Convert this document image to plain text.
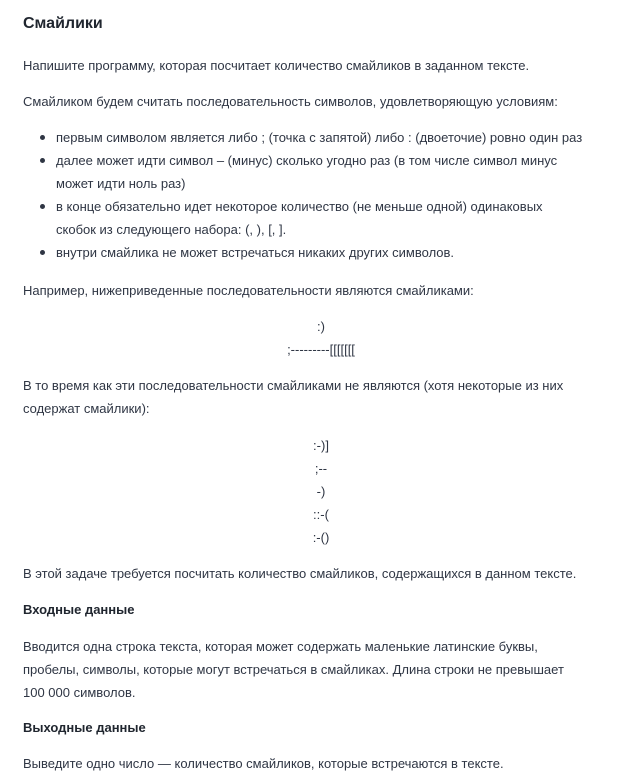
Смайлики

Напишите программу, которая посчитает количество смайликов в заданном тексте.

Смайликом будем считать последовательность символов, удовлетворяющую условиям:

первым символом является либо ; (точка с запятой) либо : (двоеточие) ровно один раз
далее может идти символ – (минус) сколько угодно раз (в том числе символ минус
может идти ноль раз)
в конце обязательно идет некоторое количество (не меньше одной) одинаковых
скобок из следующего набора: (, ), [, ].
внутри смайлика не может встречаться никаких других символов.

Например, нижеприведенные последовательности являются смайликами:

:)

;---------[[[[[[[

В то время как эти последовательности смайликами не являются (хотя некоторые из них

содержат смайлики):

:-)]

;--

-)

::-(

:-()

В этой задаче требуется посчитать количество смайликов, содержащихся в данном тексте.

Входные данные

Вводится одна строка текста, которая может содержать маленькие латинские буквы,

пробелы, символы, которые могут встречаться в смайликах. Длина строки не превышает

100 000 символов.

Выходные данные

Выведите одно число — количество смайликов, которые встречаются в тексте.
